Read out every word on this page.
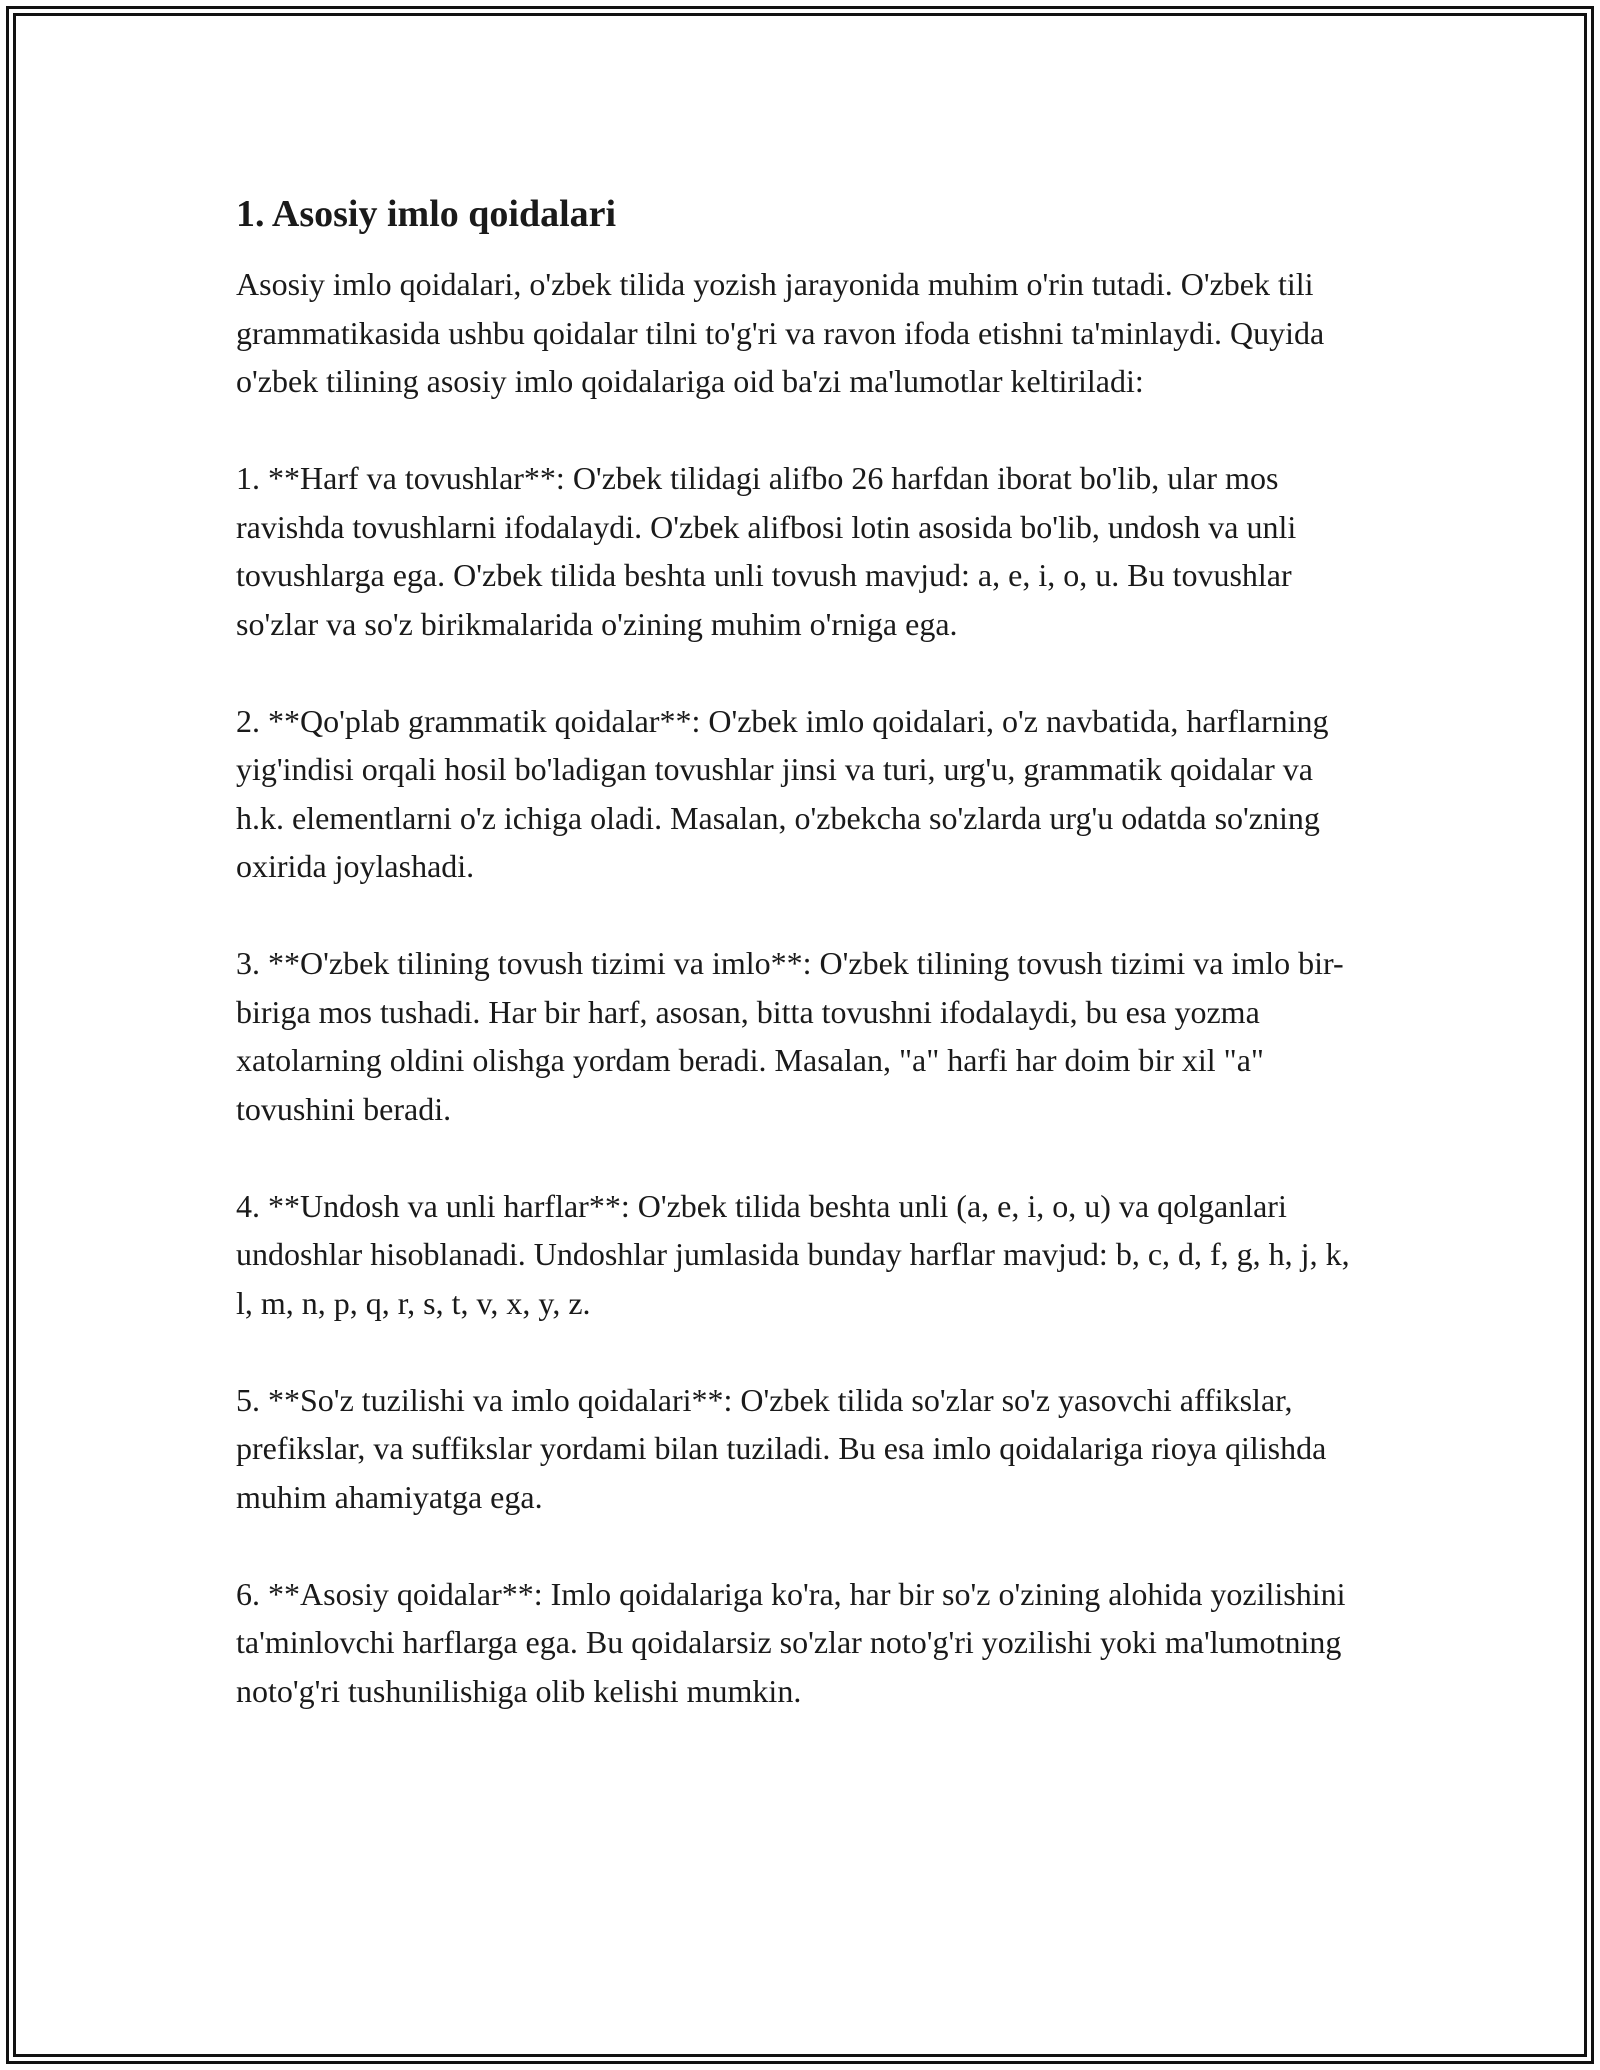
1. Asosiy imlo qoidalari

Asosiy imlo qoidalari, o'zbek tilida yozish jarayonida muhim o'rin tutadi. O'zbek tili grammatikasida ushbu qoidalar tilni to'g'ri va ravon ifoda etishni ta'minlaydi. Quyida o'zbek tilining asosiy imlo qoidalariga oid ba'zi ma'lumotlar keltiriladi:

1. **Harf va tovushlar**: O'zbek tilidagi alifbo 26 harfdan iborat bo'lib, ular mos ravishda tovushlarni ifodalaydi. O'zbek alifbosi lotin asosida bo'lib, undosh va unli tovushlarga ega. O'zbek tilida beshta unli tovush mavjud: a, e, i, o, u. Bu tovushlar so'zlar va so'z birikmalarida o'zining muhim o'rniga ega.

2. **Qo'plab grammatik qoidalar**: O'zbek imlo qoidalari, o'z navbatida, harflarning yig'indisi orqali hosil bo'ladigan tovushlar jinsi va turi, urg'u, grammatik qoidalar va h.k. elementlarni o'z ichiga oladi. Masalan, o'zbekcha so'zlarda urg'u odatda so'zning oxirida joylashadi.

3. **O'zbek tilining tovush tizimi va imlo**: O'zbek tilining tovush tizimi va imlo bir-biriga mos tushadi. Har bir harf, asosan, bitta tovushni ifodalaydi, bu esa yozma xatolarning oldini olishga yordam beradi. Masalan, "a" harfi har doim bir xil "a" tovushini beradi.

4. **Undosh va unli harflar**: O'zbek tilida beshta unli (a, e, i, o, u) va qolganlari undoshlar hisoblanadi. Undoshlar jumlasida bunday harflar mavjud: b, c, d, f, g, h, j, k, l, m, n, p, q, r, s, t, v, x, y, z.

5. **So'z tuzilishi va imlo qoidalari**: O'zbek tilida so'zlar so'z yasovchi affikslar, prefikslar, va suffikslar yordami bilan tuziladi. Bu esa imlo qoidalariga rioya qilishda muhim ahamiyatga ega.

6. **Asosiy qoidalar**: Imlo qoidalariga ko'ra, har bir so'z o'zining alohida yozilishini ta'minlovchi harflarga ega. Bu qoidalarsiz so'zlar noto'g'ri yozilishi yoki ma'lumotning noto'g'ri tushunilishiga olib kelishi mumkin.
